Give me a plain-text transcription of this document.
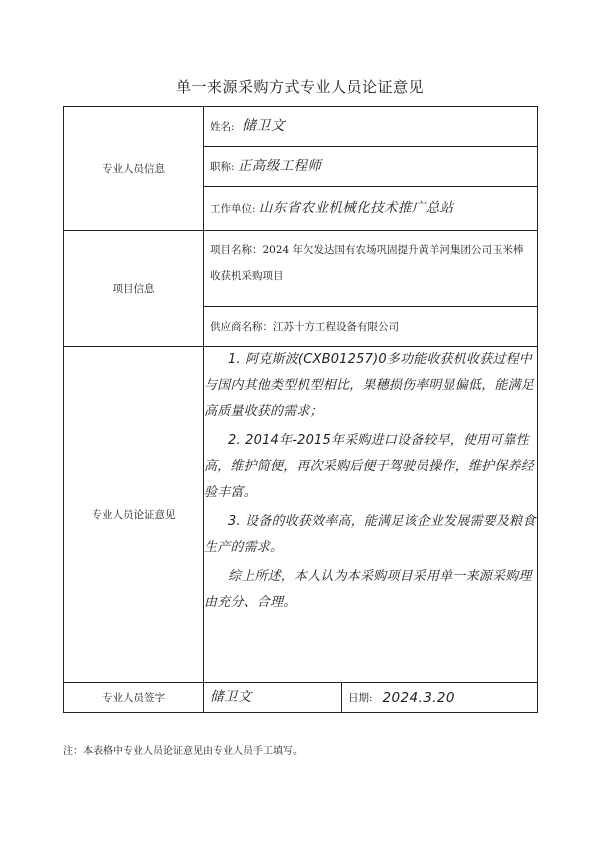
单一来源采购方式专业人员论证意见
专业人员信息	姓名: 储卫文	

	职称: 正高级工程师	

	工作单位: 山东省农业机械化技术推广总站	

项目信息	项目名称：2024 年欠发达国有农场巩固提升黄羊河集团公司玉米棒收获机采购项目	

	供应商名称：江苏十方工程设备有限公司	

专业人员论证意见	1. 阿克斯波(CXB01257)0多功能收获机收获过程中与国内其他类型机型相比，果穗损伤率明显偏低，能满足高质量收获的需求；

2. 2014年-2015年采购进口设备较早，使用可靠性高，维护简便，再次采购后便于驾驶员操作，维护保养经验丰富。

3. 设备的收获效率高，能满足该企业发展需要及粮食生产的需求。

综上所述，本人认为本采购项目采用单一来源采购理由充分、合理。	

专业人员签字	储卫文	日期: 2024.3.20
注：本表格中专业人员论证意见由专业人员手工填写。
